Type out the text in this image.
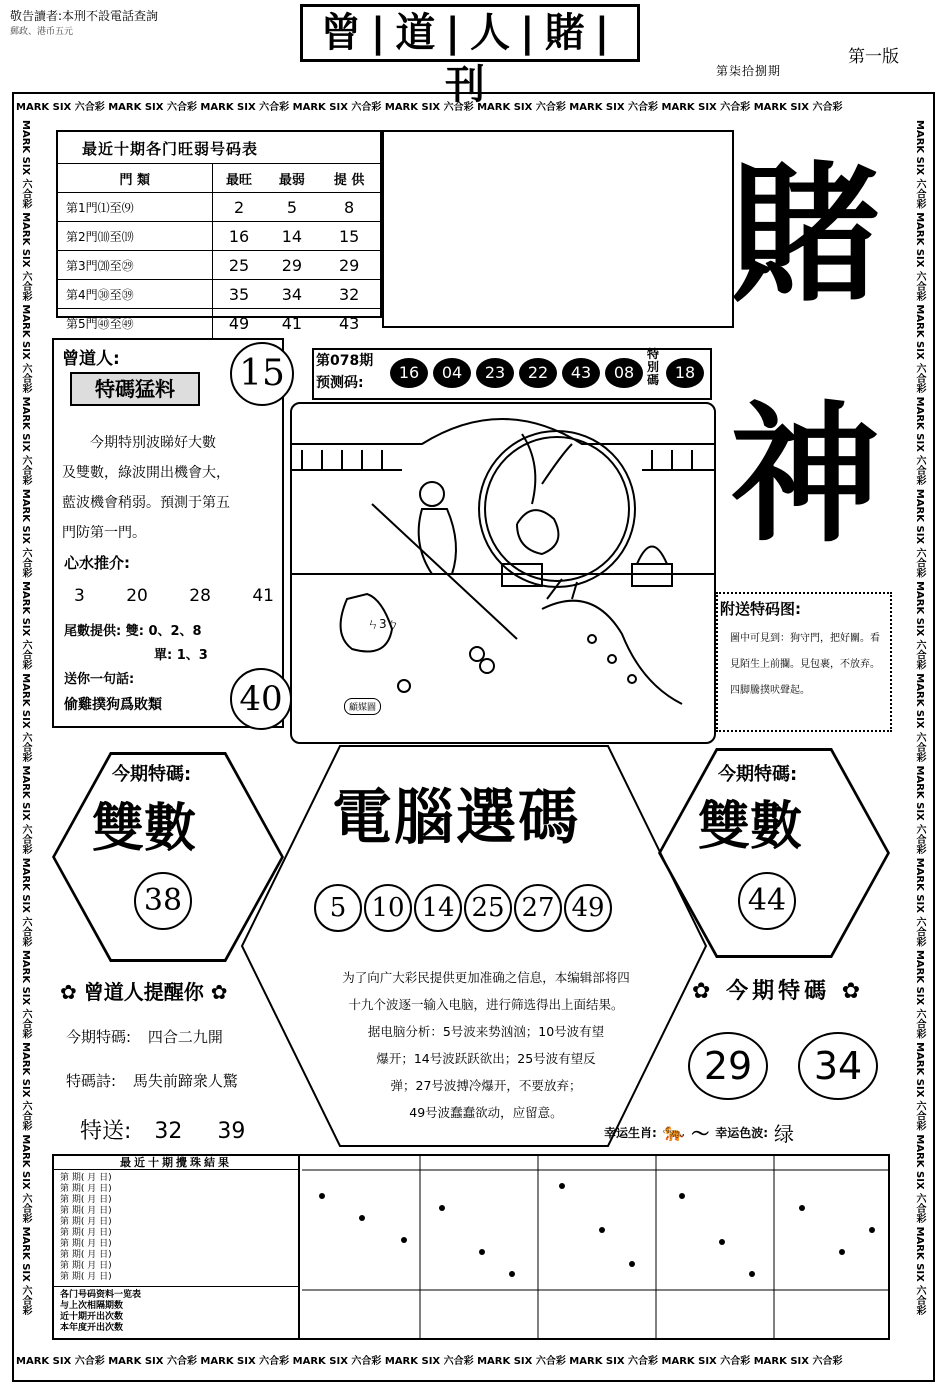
敬告讀者:本刑不設電話查詢
郵政、港币五元	曾|道|人|賭|刊
第一版
第柒拾捌期
MARK SIX 六合彩 MARK SIX 六合彩 MARK SIX 六合彩 MARK SIX 六合彩 MARK SIX 六合彩 MARK SIX 六合彩 MARK SIX 六合彩 MARK SIX 六合彩 MARK SIX 六合彩
MARK SIX 六合彩 MARK SIX 六合彩 MARK SIX 六合彩 MARK SIX 六合彩 MARK SIX 六合彩 MARK SIX 六合彩 MARK SIX 六合彩 MARK SIX 六合彩 MARK SIX 六合彩
MARK SIX 六合彩 MARK SIX 六合彩 MARK SIX 六合彩 MARK SIX 六合彩 MARK SIX 六合彩 MARK SIX 六合彩 MARK SIX 六合彩 MARK SIX 六合彩 MARK SIX 六合彩 MARK SIX 六合彩 MARK SIX 六合彩 MARK SIX 六合彩 MARK SIX 六合彩	MARK SIX 六合彩 MARK SIX 六合彩 MARK SIX 六合彩 MARK SIX 六合彩 MARK SIX 六合彩 MARK SIX 六合彩 MARK SIX 六合彩 MARK SIX 六合彩 MARK SIX 六合彩 MARK SIX 六合彩 MARK SIX 六合彩 MARK SIX 六合彩 MARK SIX 六合彩
最近十期各门旺弱号码表
門 類	最旺	最弱	提 供
第1門⑴至⑼	2	5	8
第2門⑽至⒆	16	14	15
第3門⒇至㉙	25	29	29
第4門㉚至㊴	35	34	32
第5門㊵至㊾	49	41	43
賭
神
曾道人:
特碼猛料	15
今期特別波睇好大數
及雙數，綠波開出機會大，
藍波機會稍弱。預測于第五
門防第一門。
心水推介:
3 20 28 41
尾數提供: 雙: 0、2、8
單: 1、3
送你一句話:
偷雞撲狗爲敗類 40
第078期
预测码:
16	04	23	22	43	08
特別碼 18
ㄣ3ㄅ
顧媒圖
附送特码图:
圖中可見到：狗守門，把好關。看見陌生上前攔。見包裹，不放弃。四脚騰撲吠聲起。
今期特碼:
雙數
38
今期特碼:
雙數
44
電腦選碼
5 10 14 25 27 49
为了向广大彩民提供更加准确之信息，本编辑部将四
十九个波逐一输入电脑，进行筛选得出上面结果。
据电脑分析：5号波来势汹汹；10号波有望
爆开；14号波跃跃欲出；25号波有望反
弹；27号波搏冷爆开，不要放弃；
49号波蠢蠢欲动，应留意。
✿ 曾道人提醒你 ✿
今期特碼: 四合二九開
特碼詩: 馬失前蹄衆人驚
特送: 32 39
✿ 今期特碼 ✿
29	34
幸运生肖: 🐅 〜 幸运色波: 绿
最近十期攪珠結果
第 期( 月 日)
第 期( 月 日)
第 期( 月 日)
第 期( 月 日)
第 期( 月 日)
第 期( 月 日)
第 期( 月 日)
第 期( 月 日)
第 期( 月 日)
第 期( 月 日)
各门号码资料一览表
与上次相隔期数
近十期开出次数
本年度开出次数
